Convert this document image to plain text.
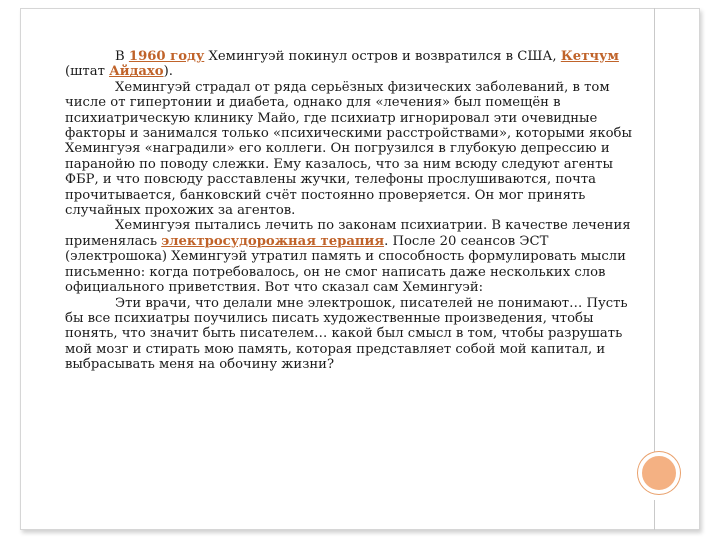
В 1960 году Хемингуэй покинул остров и возвратился в США, Кетчум (штат Айдахо).

Хемингуэй страдал от ряда серьёзных физических заболеваний, в том числе от гипертонии и диабета, однако для «лечения» был помещён в психиатрическую клинику Майо, где психиатр игнорировал эти очевидные факторы и занимался только «психическими расстройствами», которыми якобы Хемингуэя «наградили» его коллеги. Он погрузился в глубокую депрессию и паранойю по поводу слежки. Ему казалось, что за ним всюду следуют агенты ФБР, и что повсюду расставлены жучки, телефоны прослушиваются, почта прочитывается, банковский счёт постоянно проверяется. Он мог принять случайных прохожих за агентов.

Хемингуэя пытались лечить по законам психиатрии. В качестве лечения применялась электросудорожная терапия. После 20 сеансов ЭСТ (электрошока) Хемингуэй утратил память и способность формулировать мысли письменно: когда потребовалось, он не смог написать даже нескольких слов официального приветствия. Вот что сказал сам Хемингуэй:

Эти врачи, что делали мне электрошок, писателей не понимают… Пусть бы все психиатры поучились писать художественные произведения, чтобы понять, что значит быть писателем… какой был смысл в том, чтобы разрушать мой мозг и стирать мою память, которая представляет собой мой капитал, и выбрасывать меня на обочину жизни?
